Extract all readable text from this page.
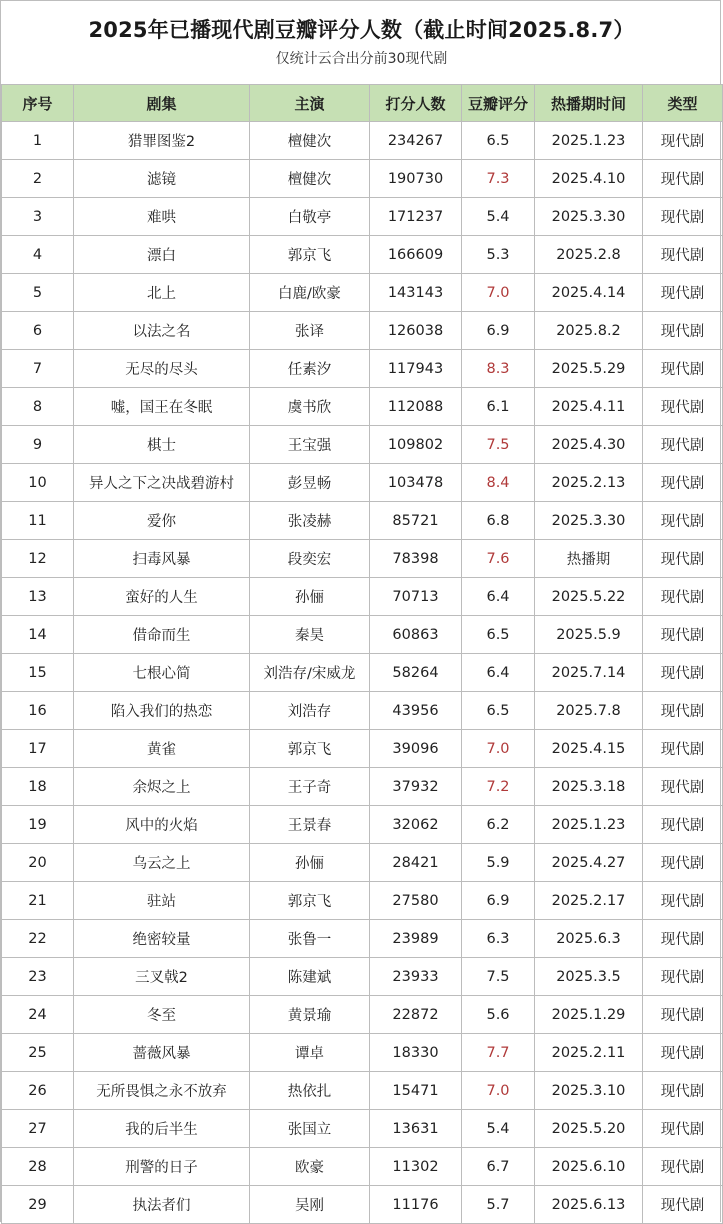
2025年已播现代剧豆瓣评分人数（截止时间2025.8.7）
仅统计云合出分前30现代剧
序号	剧集	主演	打分人数	豆瓣评分	热播期时间	类型
1	猎罪图鉴2	檀健次	234267	6.5	2025.1.23	现代剧
2	滤镜	檀健次	190730	7.3	2025.4.10	现代剧
3	难哄	白敬亭	171237	5.4	2025.3.30	现代剧
4	漂白	郭京飞	166609	5.3	2025.2.8	现代剧
5	北上	白鹿/欧豪	143143	7.0	2025.4.14	现代剧
6	以法之名	张译	126038	6.9	2025.8.2	现代剧
7	无尽的尽头	任素汐	117943	8.3	2025.5.29	现代剧
8	嘘，国王在冬眠	虞书欣	112088	6.1	2025.4.11	现代剧
9	棋士	王宝强	109802	7.5	2025.4.30	现代剧
10	异人之下之决战碧游村	彭昱畅	103478	8.4	2025.2.13	现代剧
11	爱你	张凌赫	85721	6.8	2025.3.30	现代剧
12	扫毒风暴	段奕宏	78398	7.6	热播期	现代剧
13	蛮好的人生	孙俪	70713	6.4	2025.5.22	现代剧
14	借命而生	秦昊	60863	6.5	2025.5.9	现代剧
15	七根心简	刘浩存/宋威龙	58264	6.4	2025.7.14	现代剧
16	陷入我们的热恋	刘浩存	43956	6.5	2025.7.8	现代剧
17	黄雀	郭京飞	39096	7.0	2025.4.15	现代剧
18	余烬之上	王子奇	37932	7.2	2025.3.18	现代剧
19	风中的火焰	王景春	32062	6.2	2025.1.23	现代剧
20	乌云之上	孙俪	28421	5.9	2025.4.27	现代剧
21	驻站	郭京飞	27580	6.9	2025.2.17	现代剧
22	绝密较量	张鲁一	23989	6.3	2025.6.3	现代剧
23	三叉戟2	陈建斌	23933	7.5	2025.3.5	现代剧
24	冬至	黄景瑜	22872	5.6	2025.1.29	现代剧
25	蔷薇风暴	谭卓	18330	7.7	2025.2.11	现代剧
26	无所畏惧之永不放弃	热依扎	15471	7.0	2025.3.10	现代剧
27	我的后半生	张国立	13631	5.4	2025.5.20	现代剧
28	刑警的日子	欧豪	11302	6.7	2025.6.10	现代剧
29	执法者们	吴刚	11176	5.7	2025.6.13	现代剧
